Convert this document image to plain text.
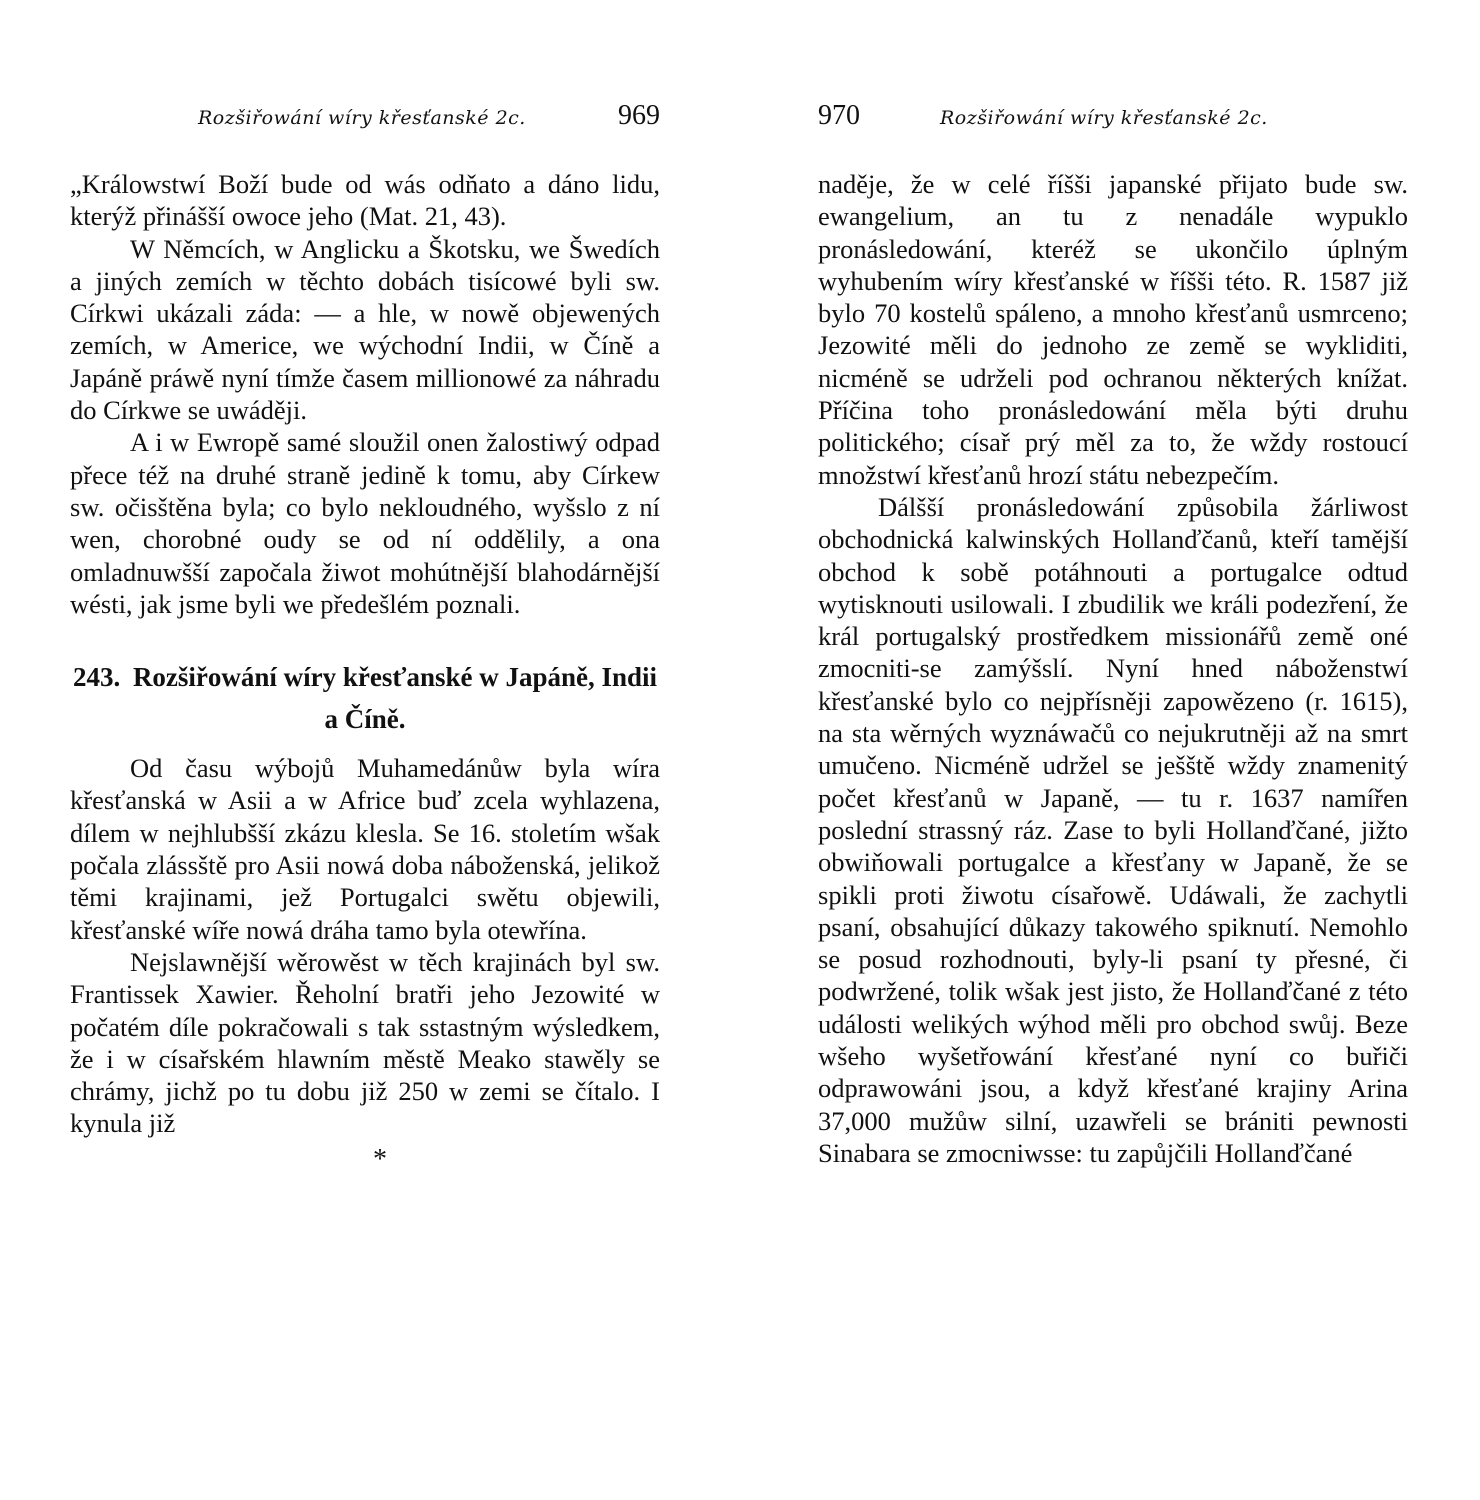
Rozšiřowání wíry křesťanské 2c.	969

„Králowstwí Boží bude od wás odňato a dáno lidu, kterýž přinášší owoce jeho (Mat. 21, 43).

W Němcích, w Anglicku a Škotsku, we Šwedích a jiných zemích w těchto dobách tisícowé byli sw. Církwi ukázali záda: — a hle, w nowě objewených zemích, w Americe, we wýchodní Indii, w Číně a Japáně práwě nyní tímže časem millionowé za náhradu do Církwe se uwáději.

A i w Ewropě samé sloužil onen žalostiwý odpad přece též na druhé straně jedině k tomu, aby Církew sw. očisštěna byla; co bylo nekloudného, wyšslo z ní wen, chorobné oudy se od ní oddělily, a ona omladnuwšší započala žiwot mohútnější blahodárnější wésti, jak jsme byli we předešlém poznali.

243. Rozšiřowání wíry křesťanské w Japáně, Indii a Číně.

Od času wýbojů Muhamedánůw byla wíra křesťanská w Asii a w Africe buď zcela wyhlazena, dílem w nejhlubšší zkázu klesla. Se 16. stoletím wšak počala zlássště pro Asii nowá doba náboženská, jelikož těmi krajinami, jež Portugalci swětu objewili, křesťanské wíře nowá dráha tamo byla otewřína.

Nejslawnější wěrowěst w těch krajinách byl sw. Frantissek Xawier. Řeholní bratři jeho Jezowité w počatém díle pokračowali s tak sstastným wýsledkem, že i w císařském hlawním městě Meako stawěly se chrámy, jichž po tu dobu již 250 w zemi se čítalo. I kynula již

*
970	Rozšiřowání wíry křesťanské 2c.

naděje, že w celé říšši japanské přijato bude sw. ewangelium, an tu z nenadále wypuklo pronásledowání, kteréž se ukončilo úplným wyhubením wíry křesťanské w říšši této. R. 1587 již bylo 70 kostelů spáleno, a mnoho křesťanů usmrceno; Jezowité měli do jednoho ze země se wykliditi, nicméně se udrželi pod ochranou některých knížat. Příčina toho pronásledowání měla býti druhu politického; císař prý měl za to, že wždy rostoucí množstwí křesťanů hrozí státu nebezpečím.

Dálšší pronásledowání způsobila žárliwost obchodnická kalwinských Hollanďčanů, kteří tamější obchod k sobě potáhnouti a portugalce odtud wytisknouti usilowali. I zbudilik we králi podezření, že král portugalský prostředkem missionářů země oné zmocniti-se zamýšslí. Nyní hned náboženstwí křesťanské bylo co nejpřísněji zapowězeno (r. 1615), na sta wěrných wyznáwačů co nejukrutněji až na smrt umučeno. Nicméně udržel se ješště wždy znamenitý počet křesťanů w Japaně, — tu r. 1637 namířen poslední strassný ráz. Zase to byli Hollanďčané, jižto obwiňowali portugalce a křesťany w Japaně, že se spikli proti žiwotu císařowě. Udáwali, že zachytli psaní, obsahující důkazy takowého spiknutí. Nemohlo se posud rozhodnouti, byly-li psaní ty přesné, či podwržené, tolik wšak jest jisto, že Hollanďčané z této události welikých wýhod měli pro obchod swůj. Beze wšeho wyšetřowání křesťané nyní co buřiči odprawowáni jsou, a když křesťané krajiny Arina 37,000 mužůw silní, uzawřeli se brániti pewnosti Sinabara se zmocniwsse: tu zapůjčili Hollanďčané
